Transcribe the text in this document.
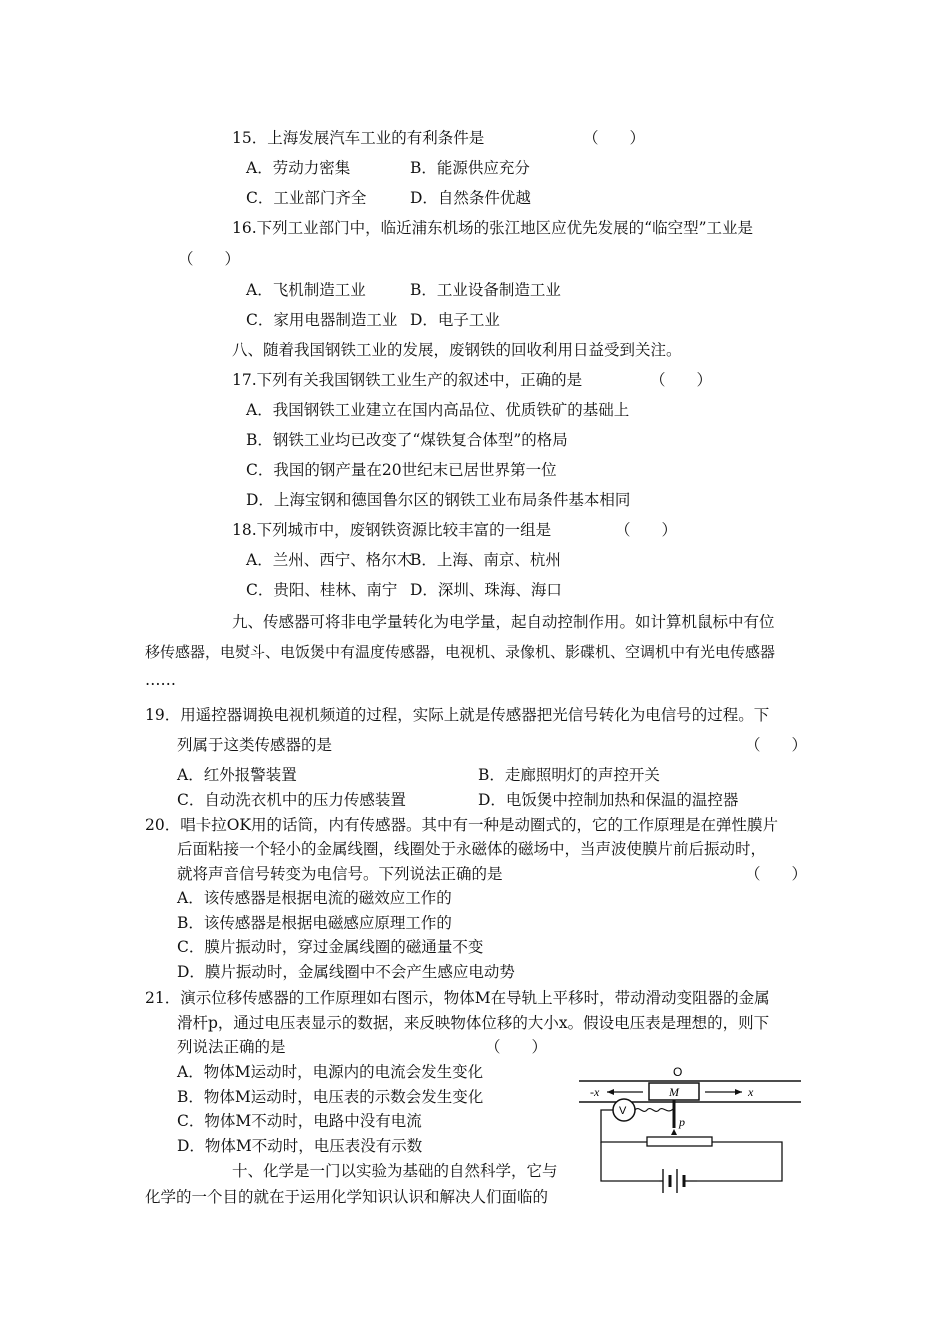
15．上海发展汽车工业的有利条件是	（　　）
A．劳动力密集	B．能源供应充分
C．工业部门齐全	D．自然条件优越
16.下列工业部门中，临近浦东机场的张江地区应优先发展的“临空型”工业是
（　　）
A．飞机制造工业	B．工业设备制造工业
C．家用电器制造工业 D．电子工业
八、随着我国钢铁工业的发展，废钢铁的回收利用日益受到关注。
17.下列有关我国钢铁工业生产的叙述中，正确的是	（　　）
A．我国钢铁工业建立在国内高品位、优质铁矿的基础上
B．钢铁工业均已改变了“煤铁复合体型”的格局
C．我国的钢产量在20世纪末已居世界第一位
D．上海宝钢和德国鲁尔区的钢铁工业布局条件基本相同
18.下列城市中，废钢铁资源比较丰富的一组是	（　　）
A．兰州、西宁、格尔木
B．上海、南京、杭州
C．贵阳、桂林、南宁 D．深圳、珠海、海口
九、传感器可将非电学量转化为电学量，起自动控制作用。如计算机鼠标中有位
移传感器，电熨斗、电饭煲中有温度传感器，电视机、录像机、影碟机、空调机中有光电传感器
……
19．用遥控器调换电视机频道的过程，实际上就是传感器把光信号转化为电信号的过程。下
列属于这类传感器的是	（　　）
A．红外报警装置	B．走廊照明灯的声控开关
C．自动洗衣机中的压力传感装置	D．电饭煲中控制加热和保温的温控器
20．唱卡拉OK用的话筒，内有传感器。其中有一种是动圈式的，它的工作原理是在弹性膜片
后面粘接一个轻小的金属线圈，线圈处于永磁体的磁场中，当声波使膜片前后振动时，
就将声音信号转变为电信号。下列说法正确的是	（　　）
A．该传感器是根据电流的磁效应工作的
B．该传感器是根据电磁感应原理工作的
C．膜片振动时，穿过金属线圈的磁通量不变
D．膜片振动时，金属线圈中不会产生感应电动势
21．演示位移传感器的工作原理如右图示，物体M在导轨上平移时，带动滑动变阻器的金属
滑杆p，通过电压表显示的数据，来反映物体位移的大小x。假设电压表是理想的，则下
列说法正确的是	（　　）
A．物体M运动时，电源内的电流会发生变化
B．物体M运动时，电压表的示数会发生变化
C．物体M不动时，电路中没有电流
D．物体M不动时，电压表没有示数
十、化学是一门以实验为基础的自然科学，它与
化学的一个目的就在于运用化学知识认识和解决人们面临的
O
M
-x	x
p
V
